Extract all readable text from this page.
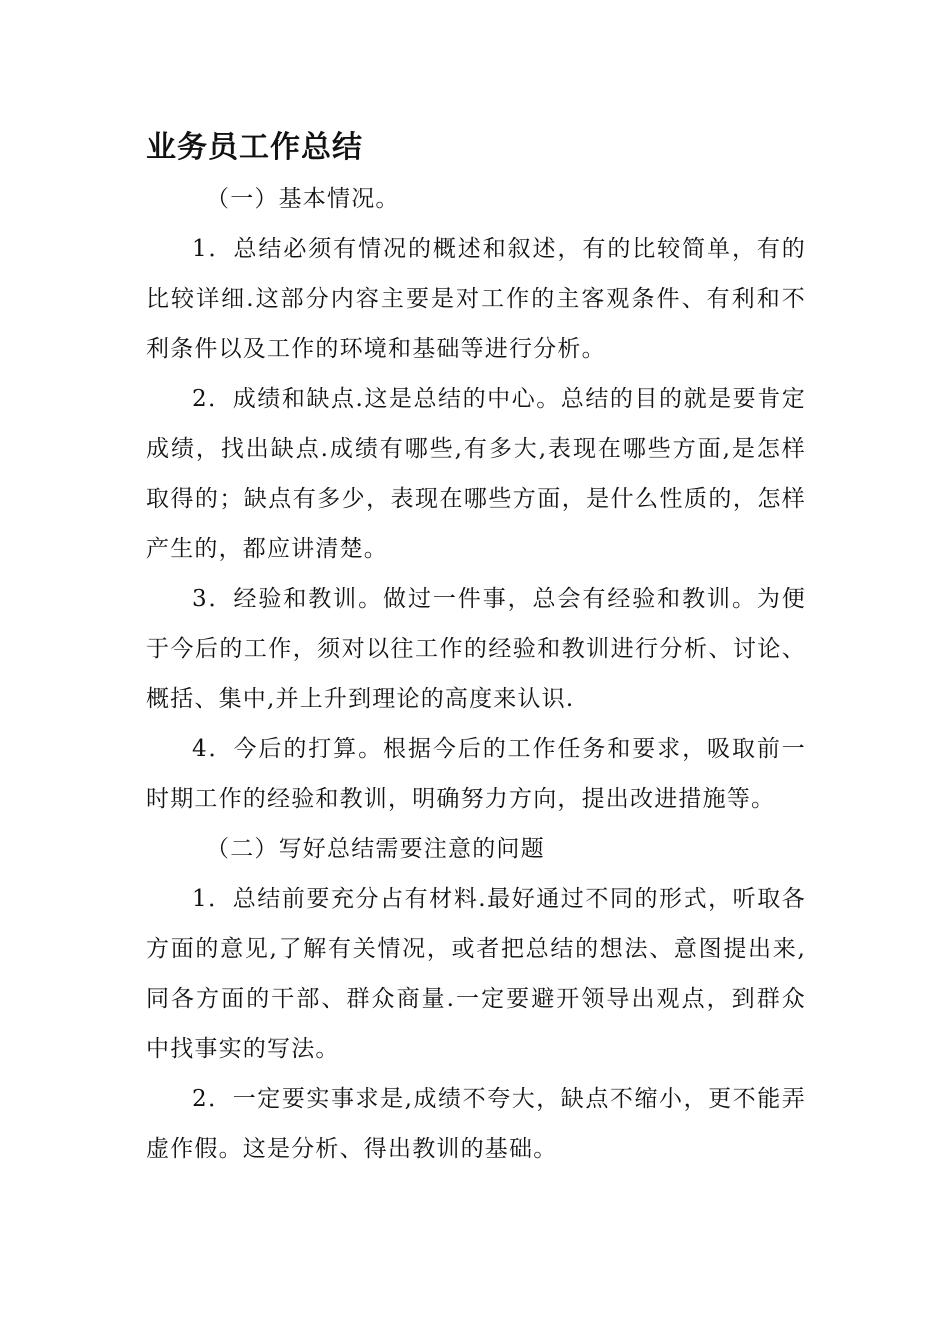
业务员工作总结

（一）基本情况。

1．总结必须有情况的概述和叙述，有的比较简单，有的比较详细.这部分内容主要是对工作的主客观条件、有利和不利条件以及工作的环境和基础等进行分析。

2．成绩和缺点.这是总结的中心。总结的目的就是要肯定成绩，找出缺点.成绩有哪些,有多大,表现在哪些方面,是怎样取得的；缺点有多少，表现在哪些方面，是什么性质的，怎样产生的，都应讲清楚。

3．经验和教训。做过一件事，总会有经验和教训。为便于今后的工作，须对以往工作的经验和教训进行分析、讨论、概括、集中,并上升到理论的高度来认识.

4．今后的打算。根据今后的工作任务和要求，吸取前一时期工作的经验和教训，明确努力方向，提出改进措施等。

（二）写好总结需要注意的问题

1．总结前要充分占有材料.最好通过不同的形式，听取各方面的意见,了解有关情况，或者把总结的想法、意图提出来,同各方面的干部、群众商量.一定要避开领导出观点，到群众中找事实的写法。

2．一定要实事求是,成绩不夸大，缺点不缩小，更不能弄虚作假。这是分析、得出教训的基础。
